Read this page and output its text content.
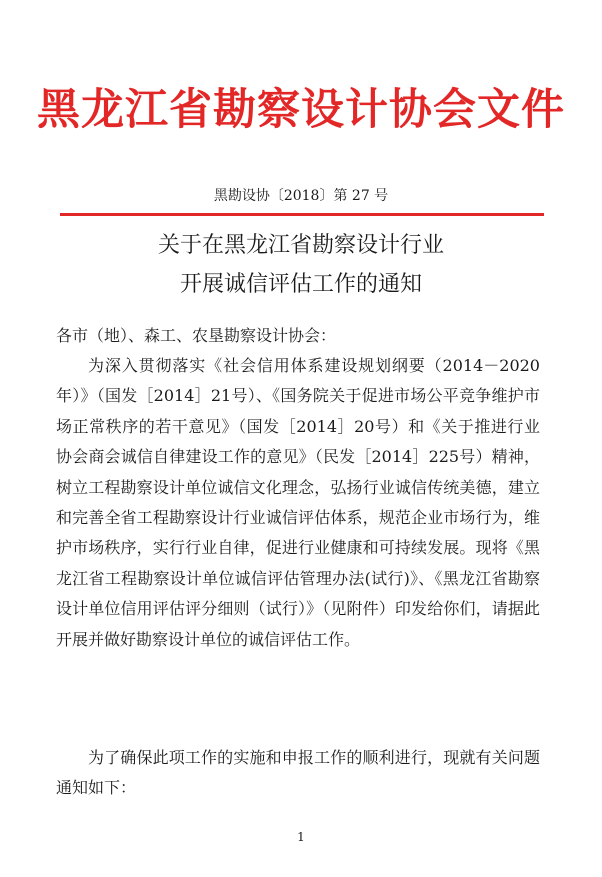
黑龙江省勘察设计协会文件
黑勘设协〔2018〕第 27 号
关于在黑龙江省勘察设计行业
开展诚信评估工作的通知
各市（地）、森工、农垦勘察设计协会：

为深入贯彻落实《社会信用体系建设规划纲要（2014－2020年）》（国发［2014］21号）、《国务院关于促进市场公平竞争维护市场正常秩序的若干意见》（国发［2014］20号）和《关于推进行业协会商会诚信自律建设工作的意见》（民发［2014］225号）精神，树立工程勘察设计单位诚信文化理念，弘扬行业诚信传统美德，建立和完善全省工程勘察设计行业诚信评估体系，规范企业市场行为，维护市场秩序，实行行业自律，促进行业健康和可持续发展。现将《黑龙江省工程勘察设计单位诚信评估管理办法(试行)》、《黑龙江省勘察设计单位信用评估评分细则（试行）》（见附件）印发给你们，请据此开展并做好勘察设计单位的诚信评估工作。

为了确保此项工作的实施和申报工作的顺利进行，现就有关问题通知如下：

1
